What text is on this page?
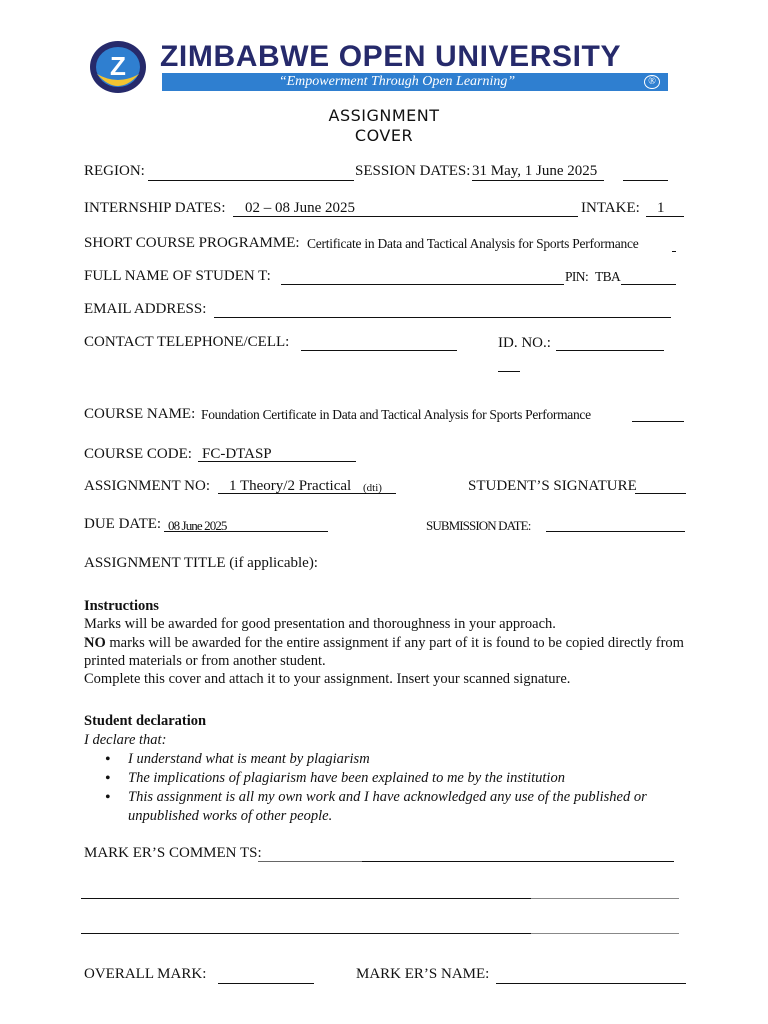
Z ZIMBABWE OPEN UNIVERSITY
“Empowerment Through Open Learning”	®
ASSIGNMENT
COVER
REGION:	SESSION DATES: 31 May, 1 June 2025
INTERNSHIP DATES: 02 – 08 June 2025	INTAKE: 1
SHORT COURSE PROGRAMME: Certificate in Data and Tactical Analysis for Sports Performance
FULL NAME OF STUDEN T:	PIN: TBA
EMAIL ADDRESS:
CONTACT TELEPHONE/CELL:	ID. NO.:
COURSE NAME: Foundation Certificate in Data and Tactical Analysis for Sports Performance
COURSE CODE: FC-DTASP
ASSIGNMENT NO: 1 Theory/2 Practical (dti)	STUDENT’S SIGNATURE
DUE DATE: 08 June 2025	SUBMISSION DATE:
ASSIGNMENT TITLE (if applicable):

Instructions

Marks will be awarded for good presentation and thoroughness in your approach.

NO marks will be awarded for the entire assignment if any part of it is found to be copied directly from printed materials or from another student.

Complete this cover and attach it to your assignment. Insert your scanned signature.

Student declaration
I declare that:
• I understand what is meant by plagiarism
• The implications of plagiarism have been explained to me by the institution
• This assignment is all my own work and I have acknowledged any use of the published or unpublished works of other people.
MARK ER’S COMMEN TS:
OVERALL MARK:	MARK ER’S NAME:
